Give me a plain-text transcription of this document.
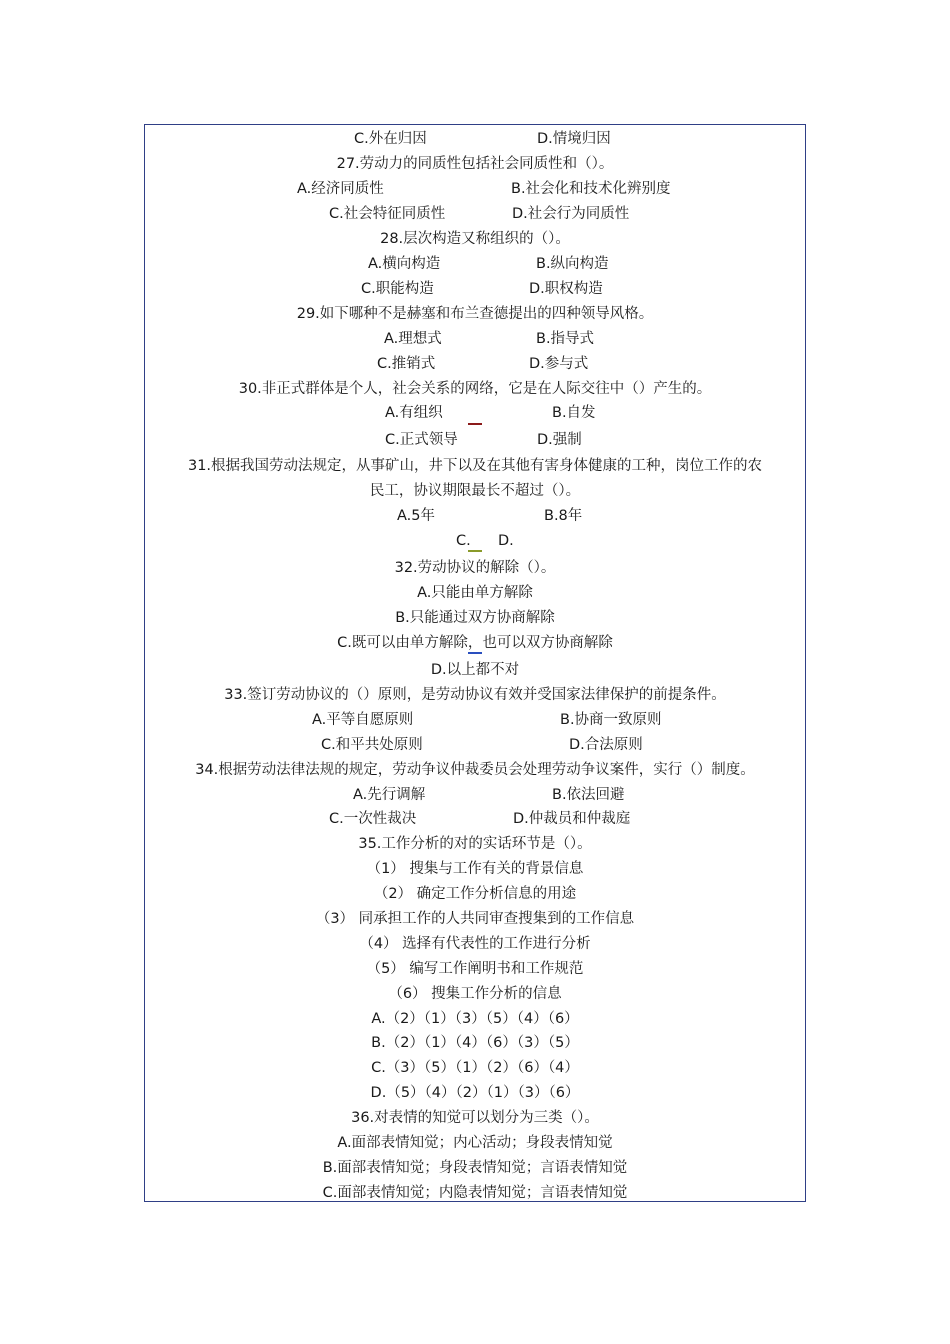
C.外在归因	D.情境归因
27.劳动力的同质性包括社会同质性和（）。
A.经济同质性	B.社会化和技术化辨别度
C.社会特征同质性	D.社会行为同质性
28.层次构造又称组织的（）。
A.横向构造	B.纵向构造
C.职能构造	D.职权构造
29.如下哪种不是赫塞和布兰查德提出的四种领导风格。
A.理想式	B.指导式
C.推销式	D.参与式
30.非正式群体是个人，社会关系的网络，它是在人际交往中（）产生的。
A.有组织	B.自发
C.正式领导	D.强制
31.根据我国劳动法规定，从事矿山，井下以及在其他有害身体健康的工种，岗位工作的农
民工，协议期限最长不超过（）。
A.5年	B.8年
C. D.
32.劳动协议的解除（）。
A.只能由单方解除
B.只能通过双方协商解除
C.既可以由单方解除，也可以双方协商解除
D.以上都不对
33.签订劳动协议的（）原则，是劳动协议有效并受国家法律保护的前提条件。
A.平等自愿原则	B.协商一致原则
C.和平共处原则	D.合法原则
34.根据劳动法律法规的规定，劳动争议仲裁委员会处理劳动争议案件，实行（）制度。
A.先行调解	B.依法回避
C.一次性裁决	D.仲裁员和仲裁庭
35.工作分析的对的实话环节是（）。
（1） 搜集与工作有关的背景信息
（2） 确定工作分析信息的用途
（3） 同承担工作的人共同审查搜集到的工作信息
（4） 选择有代表性的工作进行分析
（5） 编写工作阐明书和工作规范
（6） 搜集工作分析的信息
A.（2）（1）（3）（5）（4）（6）
B.（2）（1）（4）（6）（3）（5）
C.（3）（5）（1）（2）（6）（4）
D.（5）（4）（2）（1）（3）（6）
36.对表情的知觉可以划分为三类（）。
A.面部表情知觉；内心活动；身段表情知觉
B.面部表情知觉；身段表情知觉；言语表情知觉
C.面部表情知觉；内隐表情知觉；言语表情知觉
